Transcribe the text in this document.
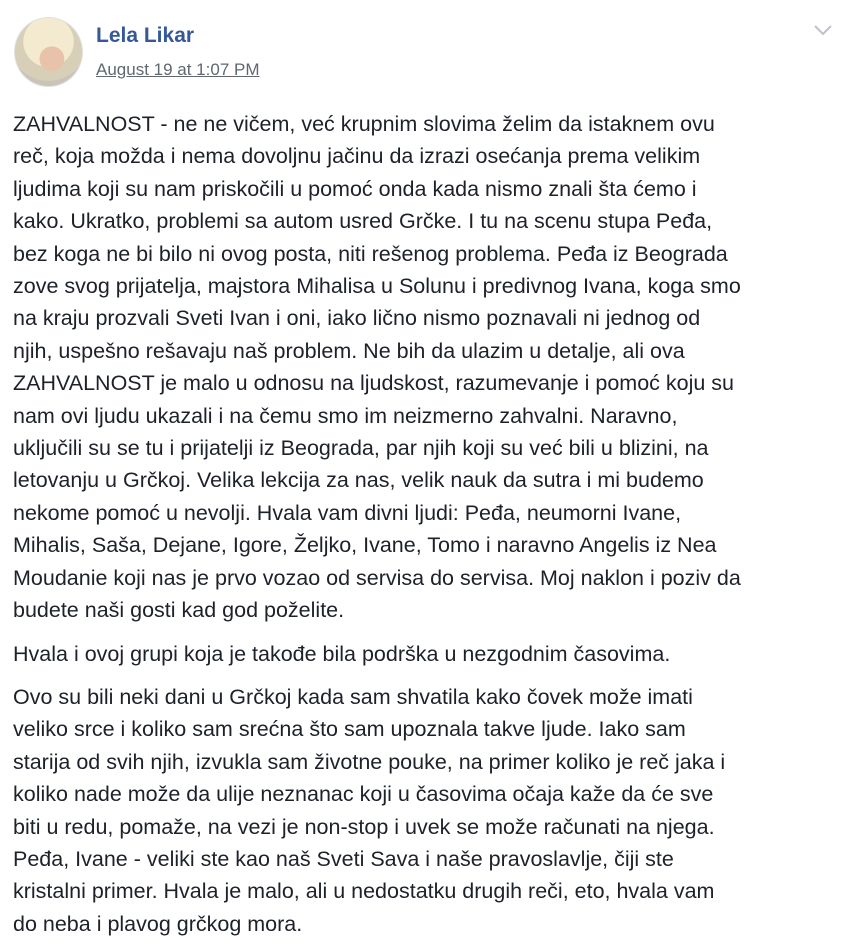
Lela Likar
August 19 at 1:07 PM

ZAHVALNOST - ne ne vičem, već krupnim slovima želim da istaknem ovu
reč, koja možda i nema dovoljnu jačinu da izrazi osećanja prema velikim
ljudima koji su nam priskočili u pomoć onda kada nismo znali šta ćemo i
kako. Ukratko, problemi sa autom usred Grčke. I tu na scenu stupa Peđa,
bez koga ne bi bilo ni ovog posta, niti rešenog problema. Peđa iz Beograda
zove svog prijatelja, majstora Mihalisa u Solunu i predivnog Ivana, koga smo
na kraju prozvali Sveti Ivan i oni, iako lično nismo poznavali ni jednog od
njih, uspešno rešavaju naš problem. Ne bih da ulazim u detalje, ali ova
ZAHVALNOST je malo u odnosu na ljudskost, razumevanje i pomoć koju su
nam ovi ljudu ukazali i na čemu smo im neizmerno zahvalni. Naravno,
uključili su se tu i prijatelji iz Beograda, par njih koji su već bili u blizini, na
letovanju u Grčkoj. Velika lekcija za nas, velik nauk da sutra i mi budemo
nekome pomoć u nevolji. Hvala vam divni ljudi: Peđa, neumorni Ivane,
Mihalis, Saša, Dejane, Igore, Željko, Ivane, Tomo i naravno Angelis iz Nea
Moudanie koji nas je prvo vozao od servisa do servisa. Moj naklon i poziv da
budete naši gosti kad god poželite.

Hvala i ovoj grupi koja je takođe bila podrška u nezgodnim časovima.

Ovo su bili neki dani u Grčkoj kada sam shvatila kako čovek može imati
veliko srce i koliko sam srećna što sam upoznala takve ljude. Iako sam
starija od svih njih, izvukla sam životne pouke, na primer koliko je reč jaka i
koliko nade može da ulije neznanac koji u časovima očaja kaže da će sve
biti u redu, pomaže, na vezi je non-stop i uvek se može računati na njega.
Peđa, Ivane - veliki ste kao naš Sveti Sava i naše pravoslavlje, čiji ste
kristalni primer. Hvala je malo, ali u nedostatku drugih reči, eto, hvala vam
do neba i plavog grčkog mora.
